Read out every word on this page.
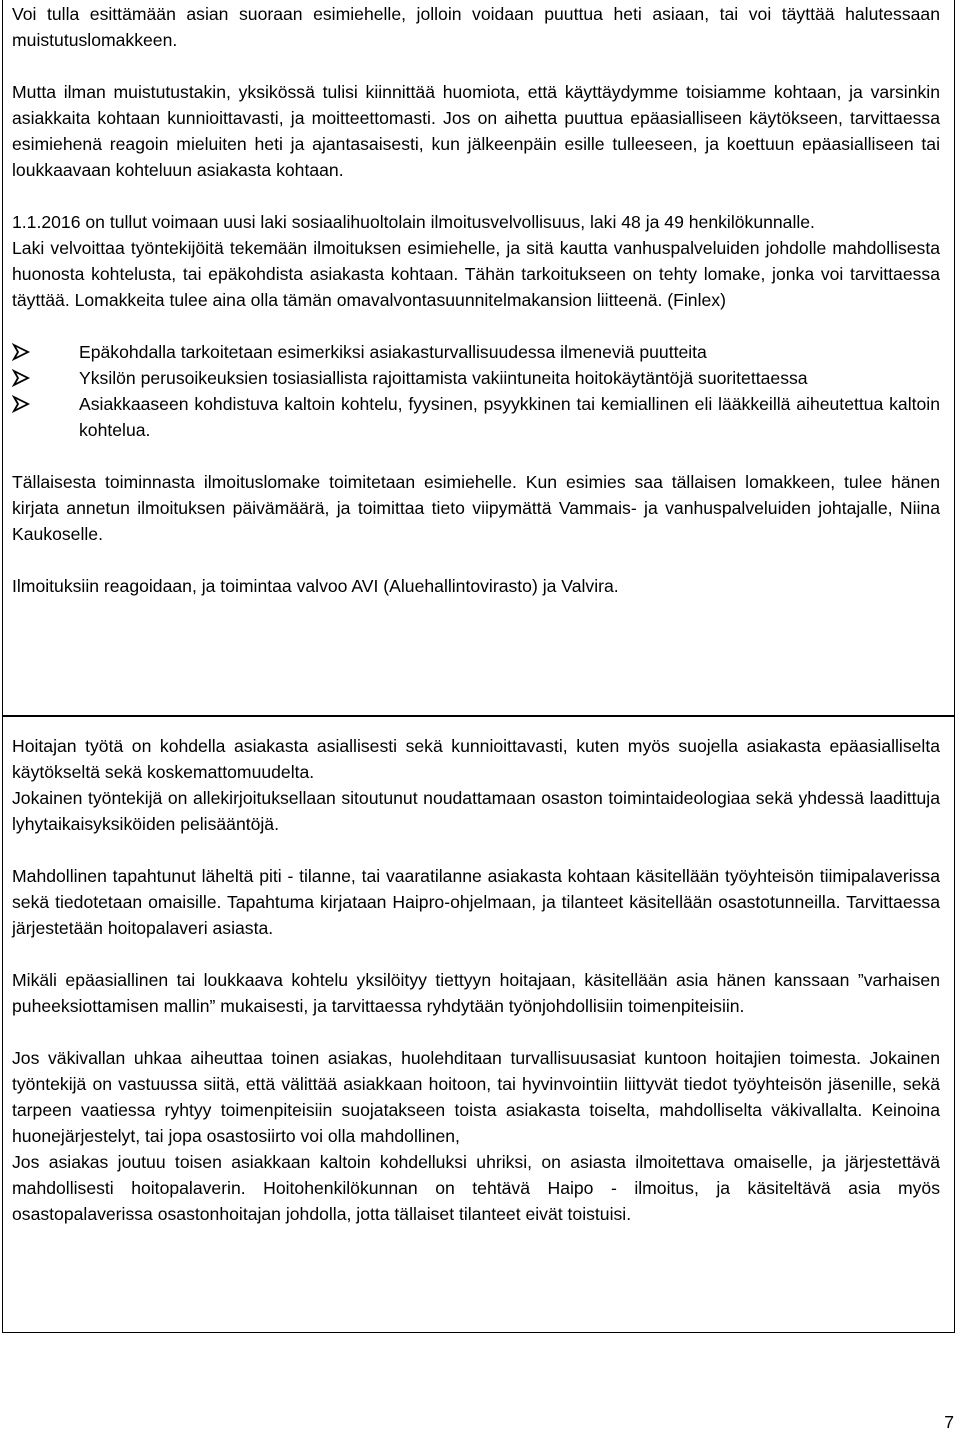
Voi tulla esittämään asian suoraan esimiehelle, jolloin voidaan puuttua heti asiaan, tai voi täyttää halutessaan muistutuslomakkeen.

Mutta ilman muistutustakin, yksikössä tulisi kiinnittää huomiota, että käyttäydymme toisiamme kohtaan, ja varsinkin asiakkaita kohtaan kunnioittavasti, ja moitteettomasti. Jos on aihetta puuttua epäasialliseen käytökseen, tarvittaessa esimiehenä reagoin mieluiten heti ja ajantasaisesti, kun jälkeenpäin esille tulleeseen, ja koettuun epäasialliseen tai loukkaavaan kohteluun asiakasta kohtaan.

1.1.2016 on tullut voimaan uusi laki sosiaalihuoltolain ilmoitusvelvollisuus, laki 48 ja 49 henkilökunnalle.

Laki velvoittaa työntekijöitä tekemään ilmoituksen esimiehelle, ja sitä kautta vanhuspalveluiden johdolle mahdollisesta huonosta kohtelusta, tai epäkohdista asiakasta kohtaan. Tähän tarkoitukseen on tehty lomake, jonka voi tarvittaessa täyttää. Lomakkeita tulee aina olla tämän omavalvontasuunnitelmakansion liitteenä. (Finlex)

Epäkohdalla tarkoitetaan esimerkiksi asiakasturvallisuudessa ilmeneviä puutteita
Yksilön perusoikeuksien tosiasiallista rajoittamista vakiintuneita hoitokäytäntöjä suoritettaessa
Asiakkaaseen kohdistuva kaltoin kohtelu, fyysinen, psyykkinen tai kemiallinen eli lääkkeillä aiheutettua kaltoin kohtelua.

Tällaisesta toiminnasta ilmoituslomake toimitetaan esimiehelle. Kun esimies saa tällaisen lomakkeen, tulee hänen kirjata annetun ilmoituksen päivämäärä, ja toimittaa tieto viipymättä Vammais- ja vanhuspalveluiden johtajalle, Niina Kaukoselle.

Ilmoituksiin reagoidaan, ja toimintaa valvoo AVI (Aluehallintovirasto) ja Valvira.

Hoitajan työtä on kohdella asiakasta asiallisesti sekä kunnioittavasti, kuten myös suojella asiakasta epäasialliselta käytökseltä sekä koskemattomuudelta.

Jokainen työntekijä on allekirjoituksellaan sitoutunut noudattamaan osaston toimintaideologiaa sekä yhdessä laadittuja lyhytaikaisyksiköiden pelisääntöjä.

Mahdollinen tapahtunut läheltä piti - tilanne, tai vaaratilanne asiakasta kohtaan käsitellään työyhteisön tiimipalaverissa sekä tiedotetaan omaisille. Tapahtuma kirjataan Haipro-ohjelmaan, ja tilanteet käsitellään osastotunneilla. Tarvittaessa järjestetään hoitopalaveri asiasta.

Mikäli epäasiallinen tai loukkaava kohtelu yksilöityy tiettyyn hoitajaan, käsitellään asia hänen kanssaan ”varhaisen puheeksiottamisen mallin” mukaisesti, ja tarvittaessa ryhdytään työnjohdollisiin toimenpiteisiin.

Jos väkivallan uhkaa aiheuttaa toinen asiakas, huolehditaan turvallisuusasiat kuntoon hoitajien toimesta. Jokainen työntekijä on vastuussa siitä, että välittää asiakkaan hoitoon, tai hyvinvointiin liittyvät tiedot työyhteisön jäsenille, sekä tarpeen vaatiessa ryhtyy toimenpiteisiin suojatakseen toista asiakasta toiselta, mahdolliselta väkivallalta. Keinoina huonejärjestelyt, tai jopa osastosiirto voi olla mahdollinen,

Jos asiakas joutuu toisen asiakkaan kaltoin kohdelluksi uhriksi, on asiasta ilmoitettava omaiselle, ja järjestettävä mahdollisesti hoitopalaverin. Hoitohenkilökunnan on tehtävä Haipo - ilmoitus, ja käsiteltävä asia myös osastopalaverissa osastonhoitajan johdolla, jotta tällaiset tilanteet eivät toistuisi.

7
